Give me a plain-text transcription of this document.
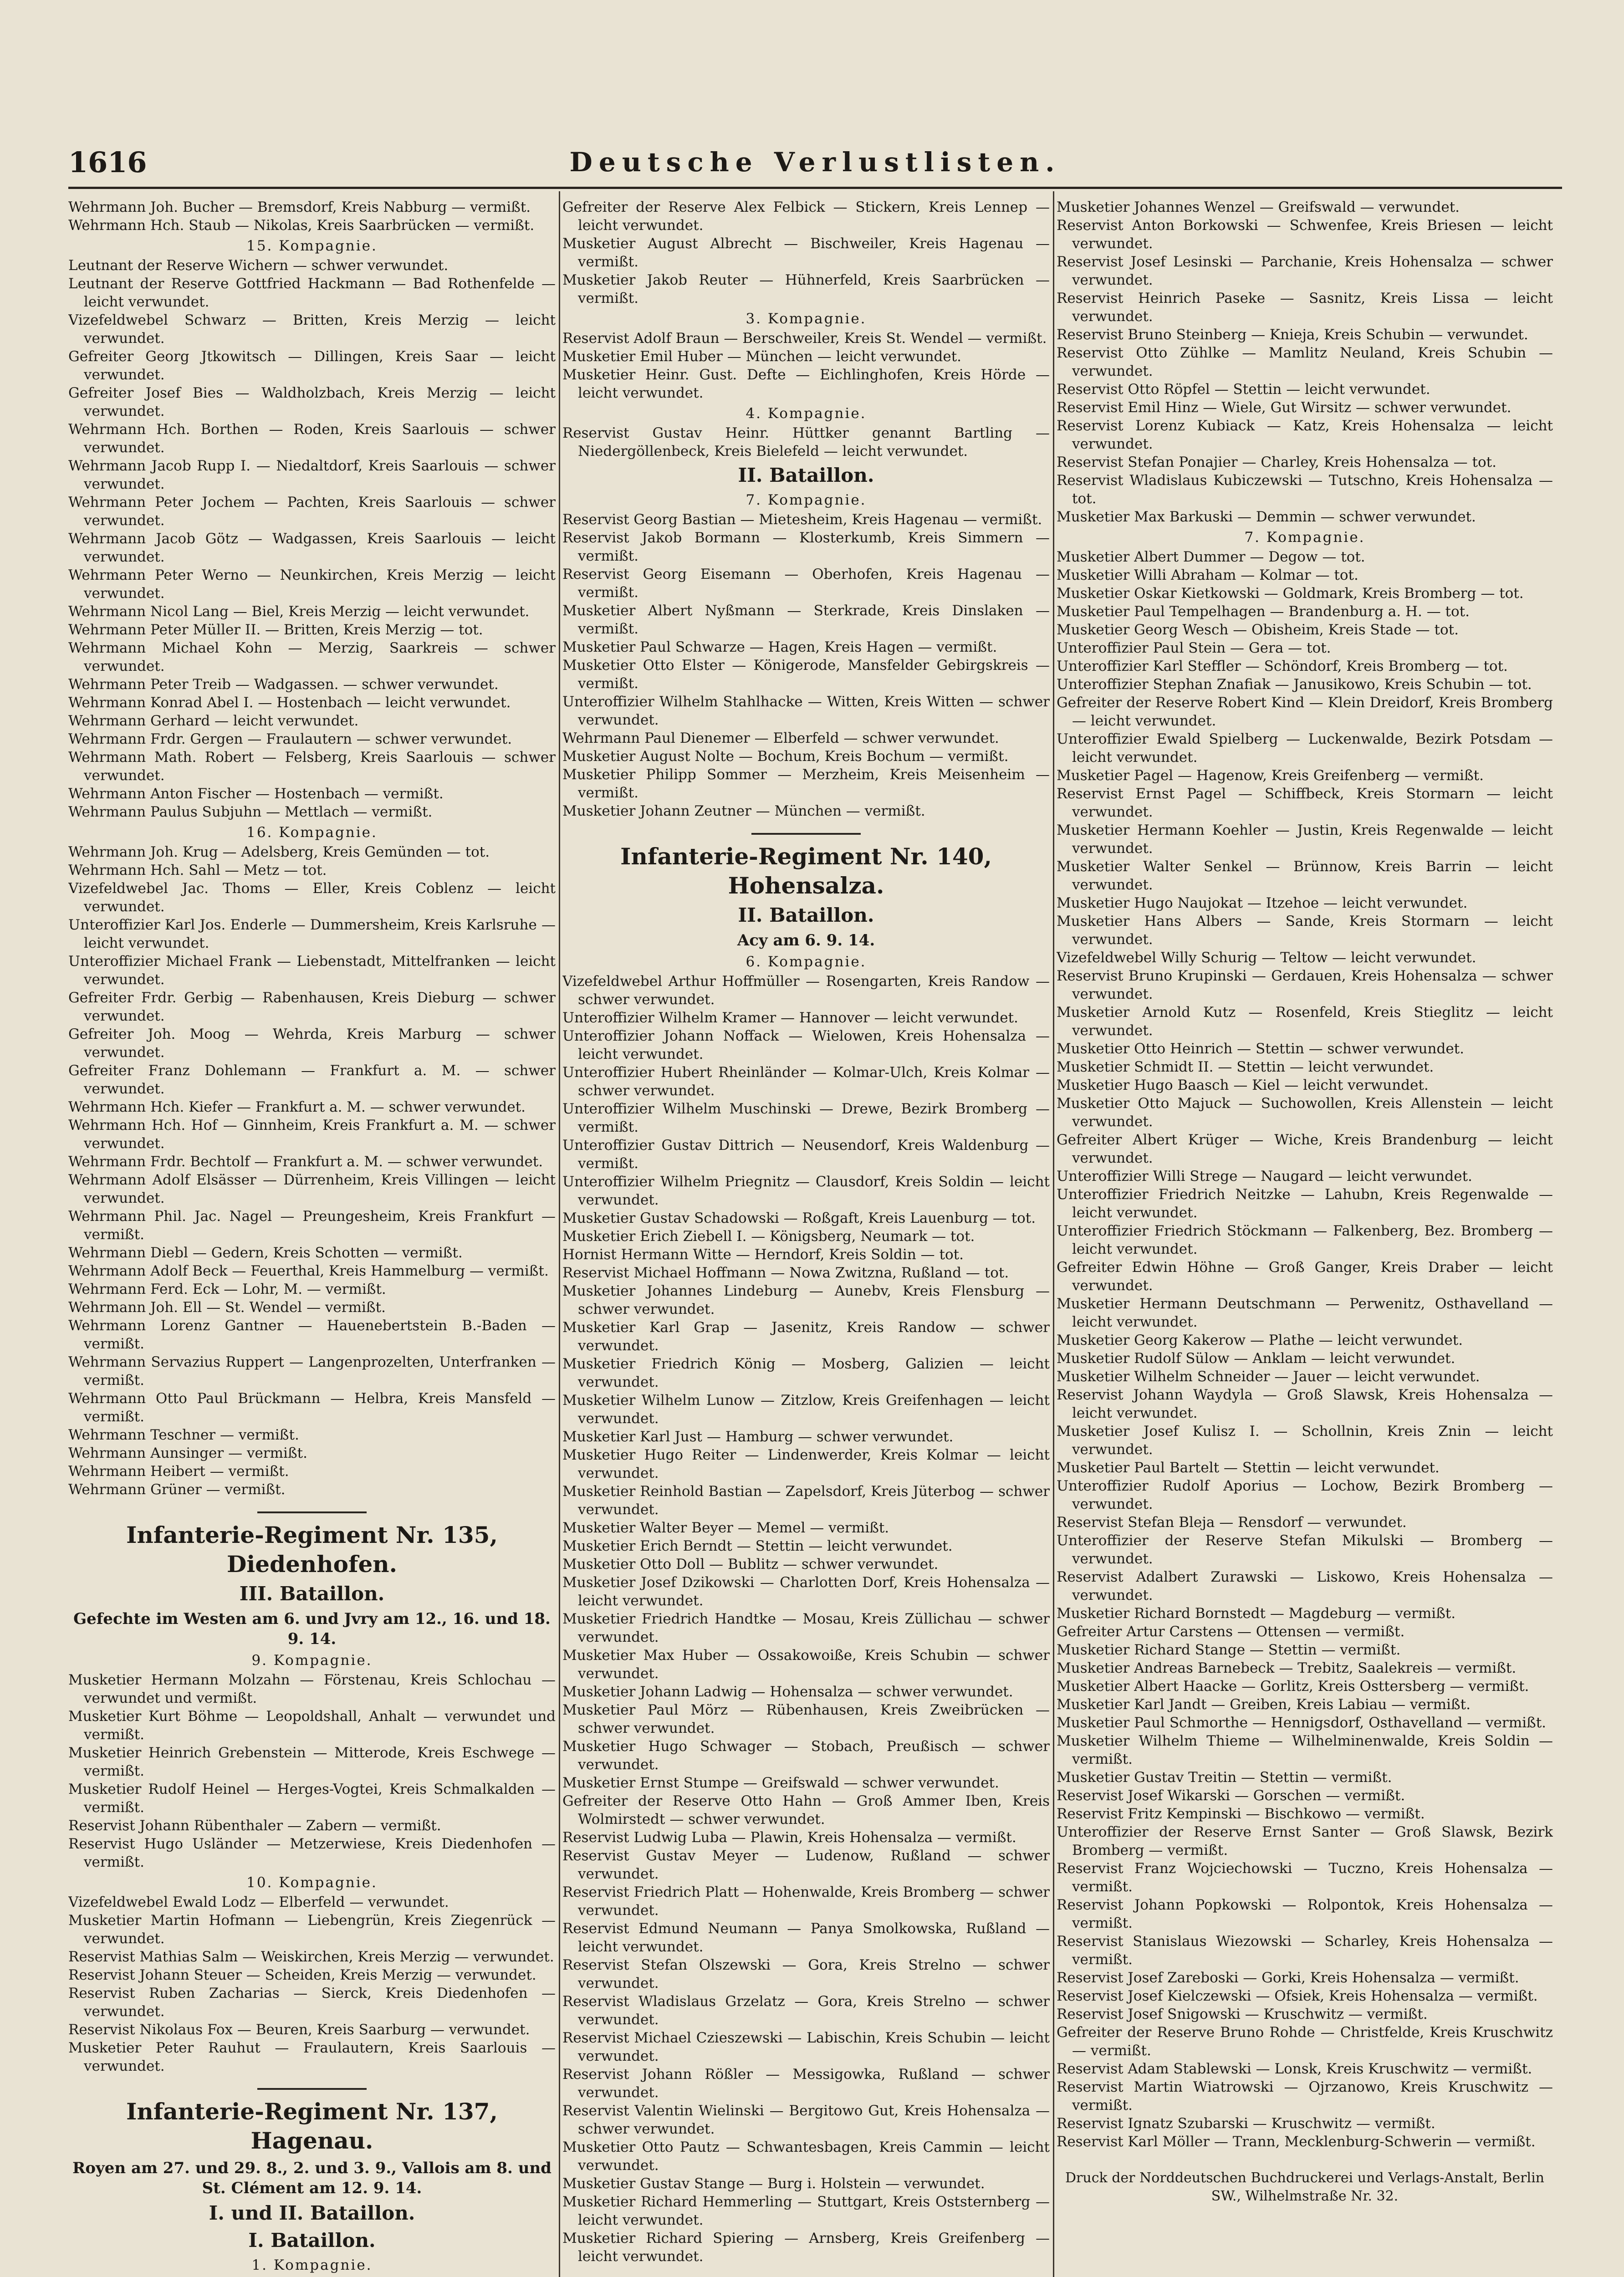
1616	Deutsche Verlustlisten.

Wehrmann Joh. Bucher — Bremsdorf, Kreis Nabburg — vermißt.

Wehrmann Hch. Staub — Nikolas, Kreis Saarbrücken — vermißt.

15. Kompagnie.

Leutnant der Reserve Wichern — schwer verwundet.

Leutnant der Reserve Gottfried Hackmann — Bad Rothenfelde — leicht verwundet.

Vizefeldwebel Schwarz — Britten, Kreis Merzig — leicht verwundet.

Gefreiter Georg Jtkowitsch — Dillingen, Kreis Saar — leicht verwundet.

Gefreiter Josef Bies — Waldholzbach, Kreis Merzig — leicht verwundet.

Wehrmann Hch. Borthen — Roden, Kreis Saarlouis — schwer verwundet.

Wehrmann Jacob Rupp I. — Niedaltdorf, Kreis Saarlouis — schwer verwundet.

Wehrmann Peter Jochem — Pachten, Kreis Saarlouis — schwer verwundet.

Wehrmann Jacob Götz — Wadgassen, Kreis Saarlouis — leicht verwundet.

Wehrmann Peter Werno — Neunkirchen, Kreis Merzig — leicht verwundet.

Wehrmann Nicol Lang — Biel, Kreis Merzig — leicht verwundet.

Wehrmann Peter Müller II. — Britten, Kreis Merzig — tot.

Wehrmann Michael Kohn — Merzig, Saarkreis — schwer verwundet.

Wehrmann Peter Treib — Wadgassen. — schwer verwundet.

Wehrmann Konrad Abel I. — Hostenbach — leicht verwundet.

Wehrmann Gerhard — leicht verwundet.

Wehrmann Frdr. Gergen — Fraulautern — schwer verwundet.

Wehrmann Math. Robert — Felsberg, Kreis Saarlouis — schwer verwundet.

Wehrmann Anton Fischer — Hostenbach — vermißt.

Wehrmann Paulus Subjuhn — Mettlach — vermißt.

16. Kompagnie.

Wehrmann Joh. Krug — Adelsberg, Kreis Gemünden — tot.

Wehrmann Hch. Sahl — Metz — tot.

Vizefeldwebel Jac. Thoms — Eller, Kreis Coblenz — leicht verwundet.

Unteroffizier Karl Jos. Enderle — Dummersheim, Kreis Karlsruhe — leicht verwundet.

Unteroffizier Michael Frank — Liebenstadt, Mittelfranken — leicht verwundet.

Gefreiter Frdr. Gerbig — Rabenhausen, Kreis Dieburg — schwer verwundet.

Gefreiter Joh. Moog — Wehrda, Kreis Marburg — schwer verwundet.

Gefreiter Franz Dohlemann — Frankfurt a. M. — schwer verwundet.

Wehrmann Hch. Kiefer — Frankfurt a. M. — schwer verwundet.

Wehrmann Hch. Hof — Ginnheim, Kreis Frankfurt a. M. — schwer verwundet.

Wehrmann Frdr. Bechtolf — Frankfurt a. M. — schwer verwundet.

Wehrmann Adolf Elsässer — Dürrenheim, Kreis Villingen — leicht verwundet.

Wehrmann Phil. Jac. Nagel — Preungesheim, Kreis Frankfurt — vermißt.

Wehrmann Diebl — Gedern, Kreis Schotten — vermißt.

Wehrmann Adolf Beck — Feuerthal, Kreis Hammelburg — vermißt.

Wehrmann Ferd. Eck — Lohr, M. — vermißt.

Wehrmann Joh. Ell — St. Wendel — vermißt.

Wehrmann Lorenz Gantner — Hauenebertstein B.-Baden — vermißt.

Wehrmann Servazius Ruppert — Langenprozelten, Unterfranken — vermißt.

Wehrmann Otto Paul Brückmann — Helbra, Kreis Mansfeld — vermißt.

Wehrmann Teschner — vermißt.

Wehrmann Aunsinger — vermißt.

Wehrmann Heibert — vermißt.

Wehrmann Grüner — vermißt.

Infanterie-Regiment Nr. 135, Diedenhofen.
III. Bataillon.
Gefechte im Westen am 6. und Jvry am 12., 16. und 18. 9. 14.
9. Kompagnie.

Musketier Hermann Molzahn — Förstenau, Kreis Schlochau — verwundet und vermißt.

Musketier Kurt Böhme — Leopoldshall, Anhalt — verwundet und vermißt.

Musketier Heinrich Grebenstein — Mitterode, Kreis Eschwege — vermißt.

Musketier Rudolf Heinel — Herges-Vogtei, Kreis Schmalkalden — vermißt.

Reservist Johann Rübenthaler — Zabern — vermißt.

Reservist Hugo Usländer — Metzerwiese, Kreis Diedenhofen — vermißt.

10. Kompagnie.

Vizefeldwebel Ewald Lodz — Elberfeld — verwundet.

Musketier Martin Hofmann — Liebengrün, Kreis Ziegenrück — verwundet.

Reservist Mathias Salm — Weiskirchen, Kreis Merzig — verwundet.

Reservist Johann Steuer — Scheiden, Kreis Merzig — verwundet.

Reservist Ruben Zacharias — Sierck, Kreis Diedenhofen — verwundet.

Reservist Nikolaus Fox — Beuren, Kreis Saarburg — verwundet.

Musketier Peter Rauhut — Fraulautern, Kreis Saarlouis — verwundet.

Infanterie-Regiment Nr. 137, Hagenau.
Royen am 27. und 29. 8., 2. und 3. 9., Vallois am 8. und St. Clément am 12. 9. 14.
I. und II. Bataillon.
I. Bataillon.
1. Kompagnie.

Gefreiter der Reserve Alex Felbick — Stickern, Kreis Lennep — leicht verwundet.

Musketier August Albrecht — Bischweiler, Kreis Hagenau — vermißt.

Musketier Jakob Reuter — Hühnerfeld, Kreis Saarbrücken — vermißt.

3. Kompagnie.

Reservist Adolf Braun — Berschweiler, Kreis St. Wendel — vermißt.

Musketier Emil Huber — München — leicht verwundet.

Musketier Heinr. Gust. Defte — Eichlinghofen, Kreis Hörde — leicht verwundet.

4. Kompagnie.

Reservist Gustav Heinr. Hüttker genannt Bartling — Niedergöllenbeck, Kreis Bielefeld — leicht verwundet.

II. Bataillon.
7. Kompagnie.

Reservist Georg Bastian — Mietesheim, Kreis Hagenau — vermißt.

Reservist Jakob Bormann — Klosterkumb, Kreis Simmern — vermißt.

Reservist Georg Eisemann — Oberhofen, Kreis Hagenau — vermißt.

Musketier Albert Nyßmann — Sterkrade, Kreis Dinslaken — vermißt.

Musketier Paul Schwarze — Hagen, Kreis Hagen — vermißt.

Musketier Otto Elster — Königerode, Mansfelder Gebirgskreis — vermißt.

Unteroffizier Wilhelm Stahlhacke — Witten, Kreis Witten — schwer verwundet.

Wehrmann Paul Dienemer — Elberfeld — schwer verwundet.

Musketier August Nolte — Bochum, Kreis Bochum — vermißt.

Musketier Philipp Sommer — Merzheim, Kreis Meisenheim — vermißt.

Musketier Johann Zeutner — München — vermißt.

Infanterie-Regiment Nr. 140, Hohensalza.
II. Bataillon.
Acy am 6. 9. 14.
6. Kompagnie.

Vizefeldwebel Arthur Hoffmüller — Rosengarten, Kreis Randow — schwer verwundet.

Unteroffizier Wilhelm Kramer — Hannover — leicht verwundet.

Unteroffizier Johann Noffack — Wielowen, Kreis Hohensalza — leicht verwundet.

Unteroffizier Hubert Rheinländer — Kolmar-Ulch, Kreis Kolmar — schwer verwundet.

Unteroffizier Wilhelm Muschinski — Drewe, Bezirk Bromberg — vermißt.

Unteroffizier Gustav Dittrich — Neusendorf, Kreis Waldenburg — vermißt.

Unteroffizier Wilhelm Priegnitz — Clausdorf, Kreis Soldin — leicht verwundet.

Musketier Gustav Schadowski — Roßgaft, Kreis Lauenburg — tot.

Musketier Erich Ziebell I. — Königsberg, Neumark — tot.

Hornist Hermann Witte — Herndorf, Kreis Soldin — tot.

Reservist Michael Hoffmann — Nowa Zwitzna, Rußland — tot.

Musketier Johannes Lindeburg — Aunebv, Kreis Flensburg — schwer verwundet.

Musketier Karl Grap — Jasenitz, Kreis Randow — schwer verwundet.

Musketier Friedrich König — Mosberg, Galizien — leicht verwundet.

Musketier Wilhelm Lunow — Zitzlow, Kreis Greifenhagen — leicht verwundet.

Musketier Karl Just — Hamburg — schwer verwundet.

Musketier Hugo Reiter — Lindenwerder, Kreis Kolmar — leicht verwundet.

Musketier Reinhold Bastian — Zapelsdorf, Kreis Jüterbog — schwer verwundet.

Musketier Walter Beyer — Memel — vermißt.

Musketier Erich Berndt — Stettin — leicht verwundet.

Musketier Otto Doll — Bublitz — schwer verwundet.

Musketier Josef Dzikowski — Charlotten Dorf, Kreis Hohensalza — leicht verwundet.

Musketier Friedrich Handtke — Mosau, Kreis Züllichau — schwer verwundet.

Musketier Max Huber — Ossakowoiße, Kreis Schubin — schwer verwundet.

Musketier Johann Ladwig — Hohensalza — schwer verwundet.

Musketier Paul Mörz — Rübenhausen, Kreis Zweibrücken — schwer verwundet.

Musketier Hugo Schwager — Stobach, Preußisch — schwer verwundet.

Musketier Ernst Stumpe — Greifswald — schwer verwundet.

Gefreiter der Reserve Otto Hahn — Groß Ammer Iben, Kreis Wolmirstedt — schwer verwundet.

Reservist Ludwig Luba — Plawin, Kreis Hohensalza — vermißt.

Reservist Gustav Meyer — Ludenow, Rußland — schwer verwundet.

Reservist Friedrich Platt — Hohenwalde, Kreis Bromberg — schwer verwundet.

Reservist Edmund Neumann — Panya Smolkowska, Rußland — leicht verwundet.

Reservist Stefan Olszewski — Gora, Kreis Strelno — schwer verwundet.

Reservist Wladislaus Grzelatz — Gora, Kreis Strelno — schwer verwundet.

Reservist Michael Czieszewski — Labischin, Kreis Schubin — leicht verwundet.

Reservist Johann Rößler — Messigowka, Rußland — schwer verwundet.

Reservist Valentin Wielinski — Bergitowo Gut, Kreis Hohensalza — schwer verwundet.

Musketier Otto Pautz — Schwantesbagen, Kreis Cammin — leicht verwundet.

Musketier Gustav Stange — Burg i. Holstein — verwundet.

Musketier Richard Hemmerling — Stuttgart, Kreis Oststernberg — leicht verwundet.

Musketier Richard Spiering — Arnsberg, Kreis Greifenberg — leicht verwundet.

Musketier Johannes Wenzel — Greifswald — verwundet.

Reservist Anton Borkowski — Schwenfee, Kreis Briesen — leicht verwundet.

Reservist Josef Lesinski — Parchanie, Kreis Hohensalza — schwer verwundet.

Reservist Heinrich Paseke — Sasnitz, Kreis Lissa — leicht verwundet.

Reservist Bruno Steinberg — Knieja, Kreis Schubin — verwundet.

Reservist Otto Zühlke — Mamlitz Neuland, Kreis Schubin — verwundet.

Reservist Otto Röpfel — Stettin — leicht verwundet.

Reservist Emil Hinz — Wiele, Gut Wirsitz — schwer verwundet.

Reservist Lorenz Kubiack — Katz, Kreis Hohensalza — leicht verwundet.

Reservist Stefan Ponajier — Charley, Kreis Hohensalza — tot.

Reservist Wladislaus Kubiczewski — Tutschno, Kreis Hohensalza — tot.

Musketier Max Barkuski — Demmin — schwer verwundet.

7. Kompagnie.

Musketier Albert Dummer — Degow — tot.

Musketier Willi Abraham — Kolmar — tot.

Musketier Oskar Kietkowski — Goldmark, Kreis Bromberg — tot.

Musketier Paul Tempelhagen — Brandenburg a. H. — tot.

Musketier Georg Wesch — Obisheim, Kreis Stade — tot.

Unteroffizier Paul Stein — Gera — tot.

Unteroffizier Karl Steffler — Schöndorf, Kreis Bromberg — tot.

Unteroffizier Stephan Znafiak — Janusikowo, Kreis Schubin — tot.

Gefreiter der Reserve Robert Kind — Klein Dreidorf, Kreis Bromberg — leicht verwundet.

Unteroffizier Ewald Spielberg — Luckenwalde, Bezirk Potsdam — leicht verwundet.

Musketier Pagel — Hagenow, Kreis Greifenberg — vermißt.

Reservist Ernst Pagel — Schiffbeck, Kreis Stormarn — leicht verwundet.

Musketier Hermann Koehler — Justin, Kreis Regenwalde — leicht verwundet.

Musketier Walter Senkel — Brünnow, Kreis Barrin — leicht verwundet.

Musketier Hugo Naujokat — Itzehoe — leicht verwundet.

Musketier Hans Albers — Sande, Kreis Stormarn — leicht verwundet.

Vizefeldwebel Willy Schurig — Teltow — leicht verwundet.

Reservist Bruno Krupinski — Gerdauen, Kreis Hohensalza — schwer verwundet.

Musketier Arnold Kutz — Rosenfeld, Kreis Stieglitz — leicht verwundet.

Musketier Otto Heinrich — Stettin — schwer verwundet.

Musketier Schmidt II. — Stettin — leicht verwundet.

Musketier Hugo Baasch — Kiel — leicht verwundet.

Musketier Otto Majuck — Suchowollen, Kreis Allenstein — leicht verwundet.

Gefreiter Albert Krüger — Wiche, Kreis Brandenburg — leicht verwundet.

Unteroffizier Willi Strege — Naugard — leicht verwundet.

Unteroffizier Friedrich Neitzke — Lahubn, Kreis Regenwalde — leicht verwundet.

Unteroffizier Friedrich Stöckmann — Falkenberg, Bez. Bromberg — leicht verwundet.

Gefreiter Edwin Höhne — Groß Ganger, Kreis Draber — leicht verwundet.

Musketier Hermann Deutschmann — Perwenitz, Osthavelland — leicht verwundet.

Musketier Georg Kakerow — Plathe — leicht verwundet.

Musketier Rudolf Sülow — Anklam — leicht verwundet.

Musketier Wilhelm Schneider — Jauer — leicht verwundet.

Reservist Johann Waydyla — Groß Slawsk, Kreis Hohensalza — leicht verwundet.

Musketier Josef Kulisz I. — Schollnin, Kreis Znin — leicht verwundet.

Musketier Paul Bartelt — Stettin — leicht verwundet.

Unteroffizier Rudolf Aporius — Lochow, Bezirk Bromberg — verwundet.

Reservist Stefan Bleja — Rensdorf — verwundet.

Unteroffizier der Reserve Stefan Mikulski — Bromberg — verwundet.

Reservist Adalbert Zurawski — Liskowo, Kreis Hohensalza — verwundet.

Musketier Richard Bornstedt — Magdeburg — vermißt.

Gefreiter Artur Carstens — Ottensen — vermißt.

Musketier Richard Stange — Stettin — vermißt.

Musketier Andreas Barnebeck — Trebitz, Saalekreis — vermißt.

Musketier Albert Haacke — Gorlitz, Kreis Osttersberg — vermißt.

Musketier Karl Jandt — Greiben, Kreis Labiau — vermißt.

Musketier Paul Schmorthe — Hennigsdorf, Osthavelland — vermißt.

Musketier Wilhelm Thieme — Wilhelminenwalde, Kreis Soldin — vermißt.

Musketier Gustav Treitin — Stettin — vermißt.

Reservist Josef Wikarski — Gorschen — vermißt.

Reservist Fritz Kempinski — Bischkowo — vermißt.

Unteroffizier der Reserve Ernst Santer — Groß Slawsk, Bezirk Bromberg — vermißt.

Reservist Franz Wojciechowski — Tuczno, Kreis Hohensalza — vermißt.

Reservist Johann Popkowski — Rolpontok, Kreis Hohensalza — vermißt.

Reservist Stanislaus Wiezowski — Scharley, Kreis Hohensalza — vermißt.

Reservist Josef Zareboski — Gorki, Kreis Hohensalza — vermißt.

Reservist Josef Kielczewski — Ofsiek, Kreis Hohensalza — vermißt.

Reservist Josef Snigowski — Kruschwitz — vermißt.

Gefreiter der Reserve Bruno Rohde — Christfelde, Kreis Kruschwitz — vermißt.

Reservist Adam Stablewski — Lonsk, Kreis Kruschwitz — vermißt.

Reservist Martin Wiatrowski — Ojrzanowo, Kreis Kruschwitz — vermißt.

Reservist Ignatz Szubarski — Kruschwitz — vermißt.

Reservist Karl Möller — Trann, Mecklenburg-Schwerin — vermißt.

Druck der Norddeutschen Buchdruckerei und Verlags-Anstalt, Berlin SW., Wilhelmstraße Nr. 32.
